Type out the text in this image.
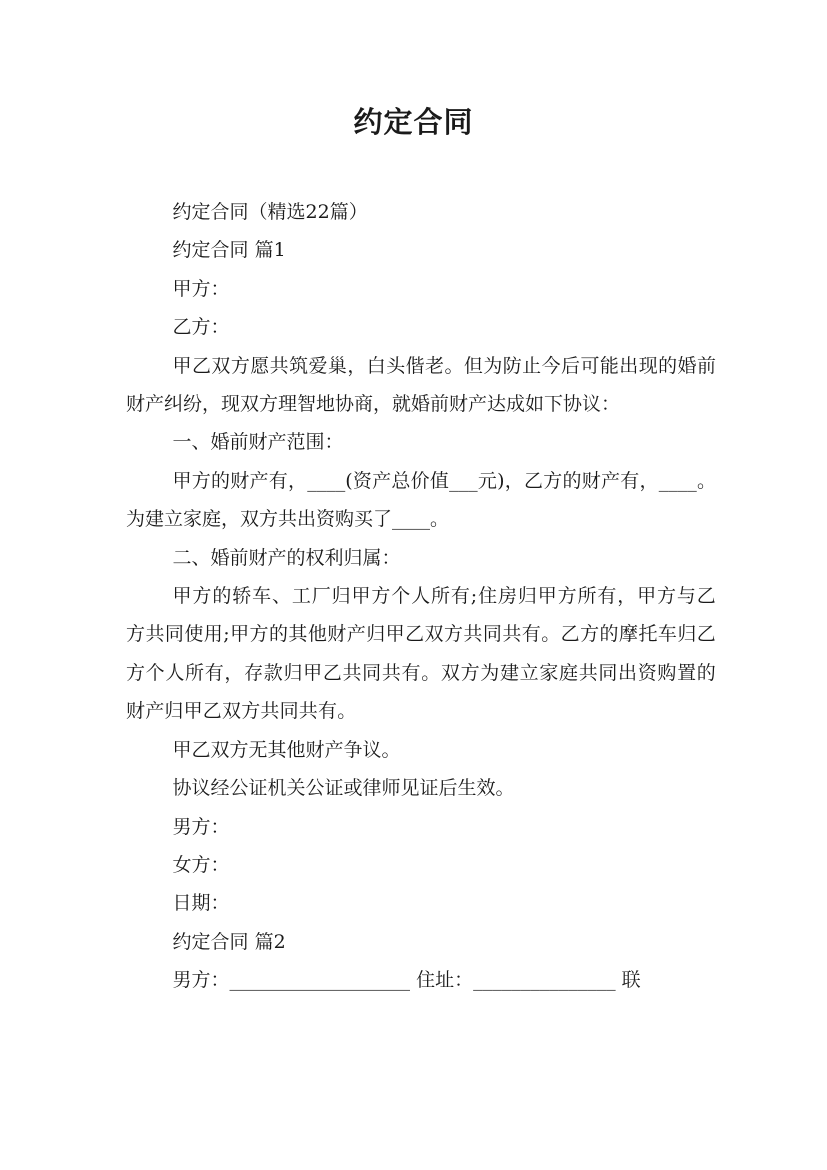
约定合同

约定合同（精选22篇）

约定合同 篇1

甲方：

乙方：

甲乙双方愿共筑爱巢，白头偕老。但为防止今后可能出现的婚前财产纠纷，现双方理智地协商，就婚前财产达成如下协议：

一、婚前财产范围：

甲方的财产有，____(资产总价值___元)，乙方的财产有，____。为建立家庭，双方共出资购买了____。

二、婚前财产的权利归属：

甲方的轿车、工厂归甲方个人所有;住房归甲方所有，甲方与乙方共同使用;甲方的其他财产归甲乙双方共同共有。乙方的摩托车归乙方个人所有，存款归甲乙共同共有。双方为建立家庭共同出资购置的财产归甲乙双方共同共有。

甲乙双方无其他财产争议。

协议经公证机关公证或律师见证后生效。

男方：

女方：

日期：

约定合同 篇2

男方：___________________ 住址：_______________ 联
